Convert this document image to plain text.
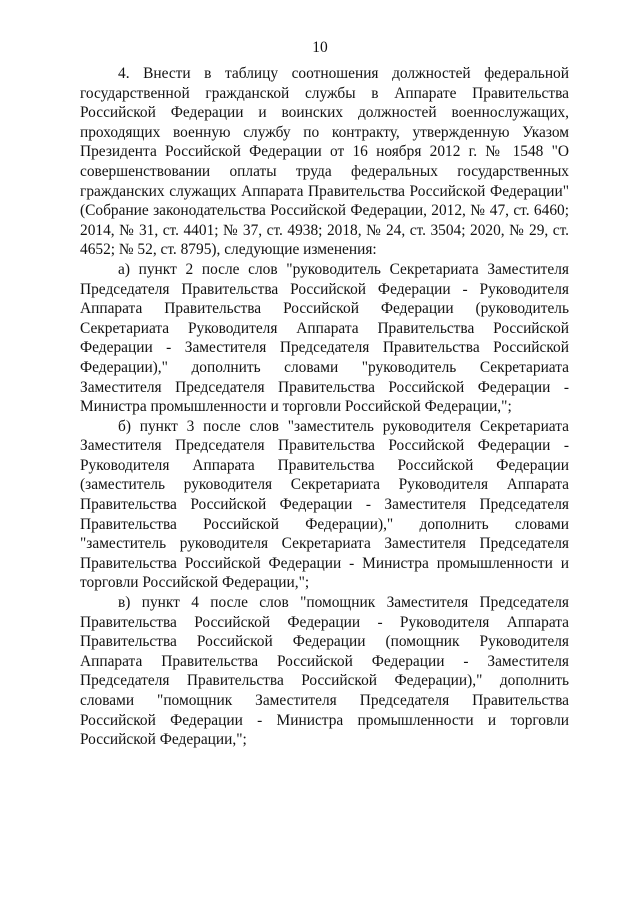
10

4. Внести в таблицу соотношения должностей федеральной государственной гражданской службы в Аппарате Правительства Российской Федерации и воинских должностей военнослужащих, проходящих военную службу по контракту, утвержденную Указом Президента Российской Федерации от 16 ноября 2012 г. № 1548 "О совершенствовании оплаты труда федеральных государственных гражданских служащих Аппарата Правительства Российской Федерации" (Собрание законодательства Российской Федерации, 2012, № 47, ст. 6460; 2014, № 31, ст. 4401; № 37, ст. 4938; 2018, № 24, ст. 3504; 2020, № 29, ст. 4652; № 52, ст. 8795), следующие изменения:

а) пункт 2 после слов "руководитель Секретариата Заместителя Председателя Правительства Российской Федерации - Руководителя Аппарата Правительства Российской Федерации (руководитель Секретариата Руководителя Аппарата Правительства Российской Федерации - Заместителя Председателя Правительства Российской Федерации)," дополнить словами "руководитель Секретариата Заместителя Председателя Правительства Российской Федерации - Министра промышленности и торговли Российской Федерации,";

б) пункт 3 после слов "заместитель руководителя Секретариата Заместителя Председателя Правительства Российской Федерации - Руководителя Аппарата Правительства Российской Федерации (заместитель руководителя Секретариата Руководителя Аппарата Правительства Российской Федерации - Заместителя Председателя Правительства Российской Федерации)," дополнить словами "заместитель руководителя Секретариата Заместителя Председателя Правительства Российской Федерации - Министра промышленности и торговли Российской Федерации,";

в) пункт 4 после слов "помощник Заместителя Председателя Правительства Российской Федерации - Руководителя Аппарата Правительства Российской Федерации (помощник Руководителя Аппарата Правительства Российской Федерации - Заместителя Председателя Правительства Российской Федерации)," дополнить словами "помощник Заместителя Председателя Правительства Российской Федерации - Министра промышленности и торговли Российской Федерации,";
